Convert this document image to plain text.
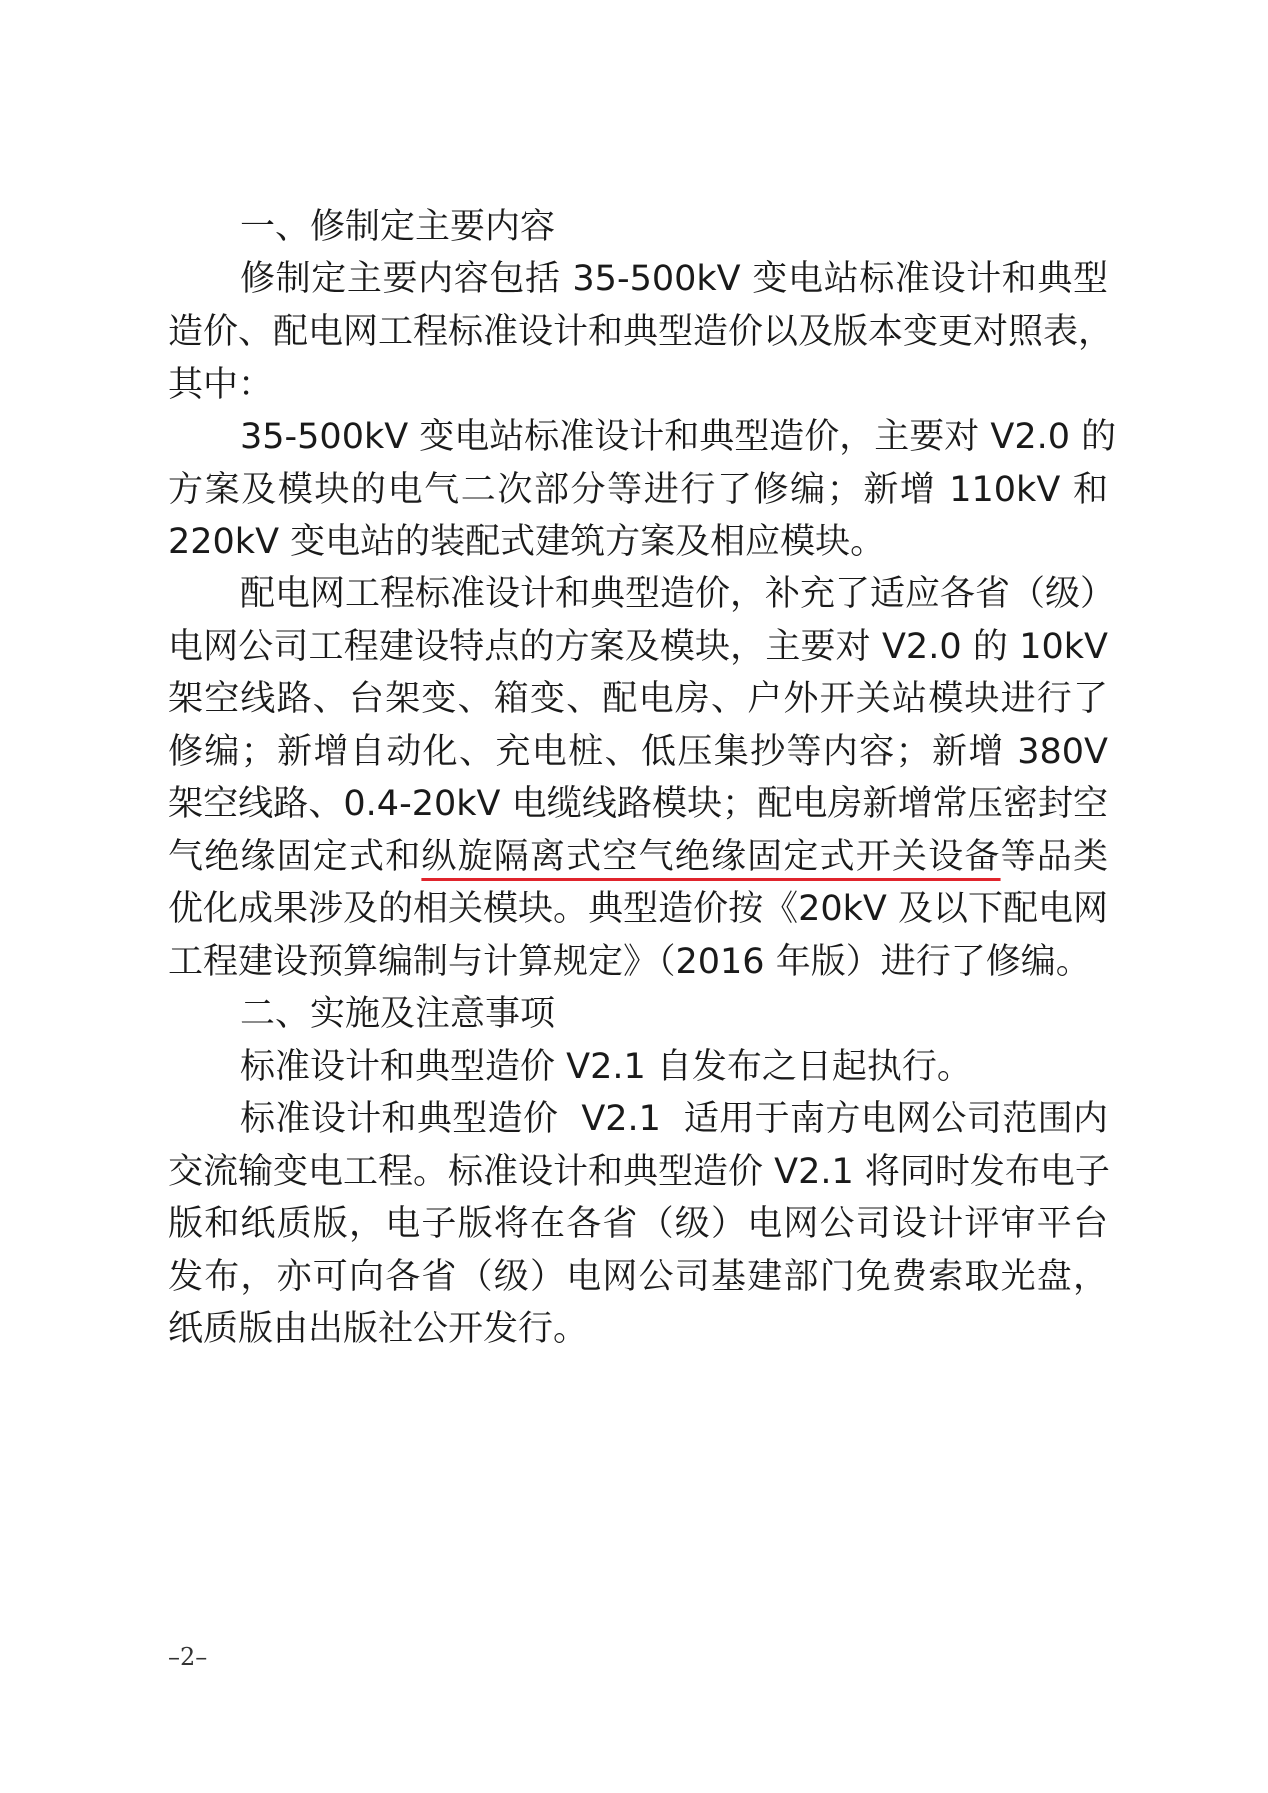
一、修制定主要内容
修制定主要内容包括 35-500kV 变电站标准设计和典型
造价、配电网工程标准设计和典型造价以及版本变更对照表，
其中：
35-500kV 变电站标准设计和典型造价，主要对 V2.0 的
方案及模块的电气二次部分等进行了修编；新增 110kV 和
220kV 变电站的装配式建筑方案及相应模块。
配电网工程标准设计和典型造价，补充了适应各省（级）
电网公司工程建设特点的方案及模块，主要对 V2.0 的 10kV
架空线路、台架变、箱变、配电房、户外开关站模块进行了
修编；新增自动化、充电桩、低压集抄等内容；新增 380V
架空线路、0.4-20kV 电缆线路模块；配电房新增常压密封空
气绝缘固定式和纵旋隔离式空气绝缘固定式开关设备等品类
优化成果涉及的相关模块。典型造价按《20kV 及以下配电网
工程建设预算编制与计算规定》（2016 年版）进行了修编。
二、实施及注意事项
标准设计和典型造价 V2.1 自发布之日起执行。
标准设计和典型造价  V2.1  适用于南方电网公司范围内
交流输变电工程。标准设计和典型造价 V2.1 将同时发布电子
版和纸质版，电子版将在各省（级）电网公司设计评审平台
发布，亦可向各省（级）电网公司基建部门免费索取光盘，
纸质版由出版社公开发行。
–2–
